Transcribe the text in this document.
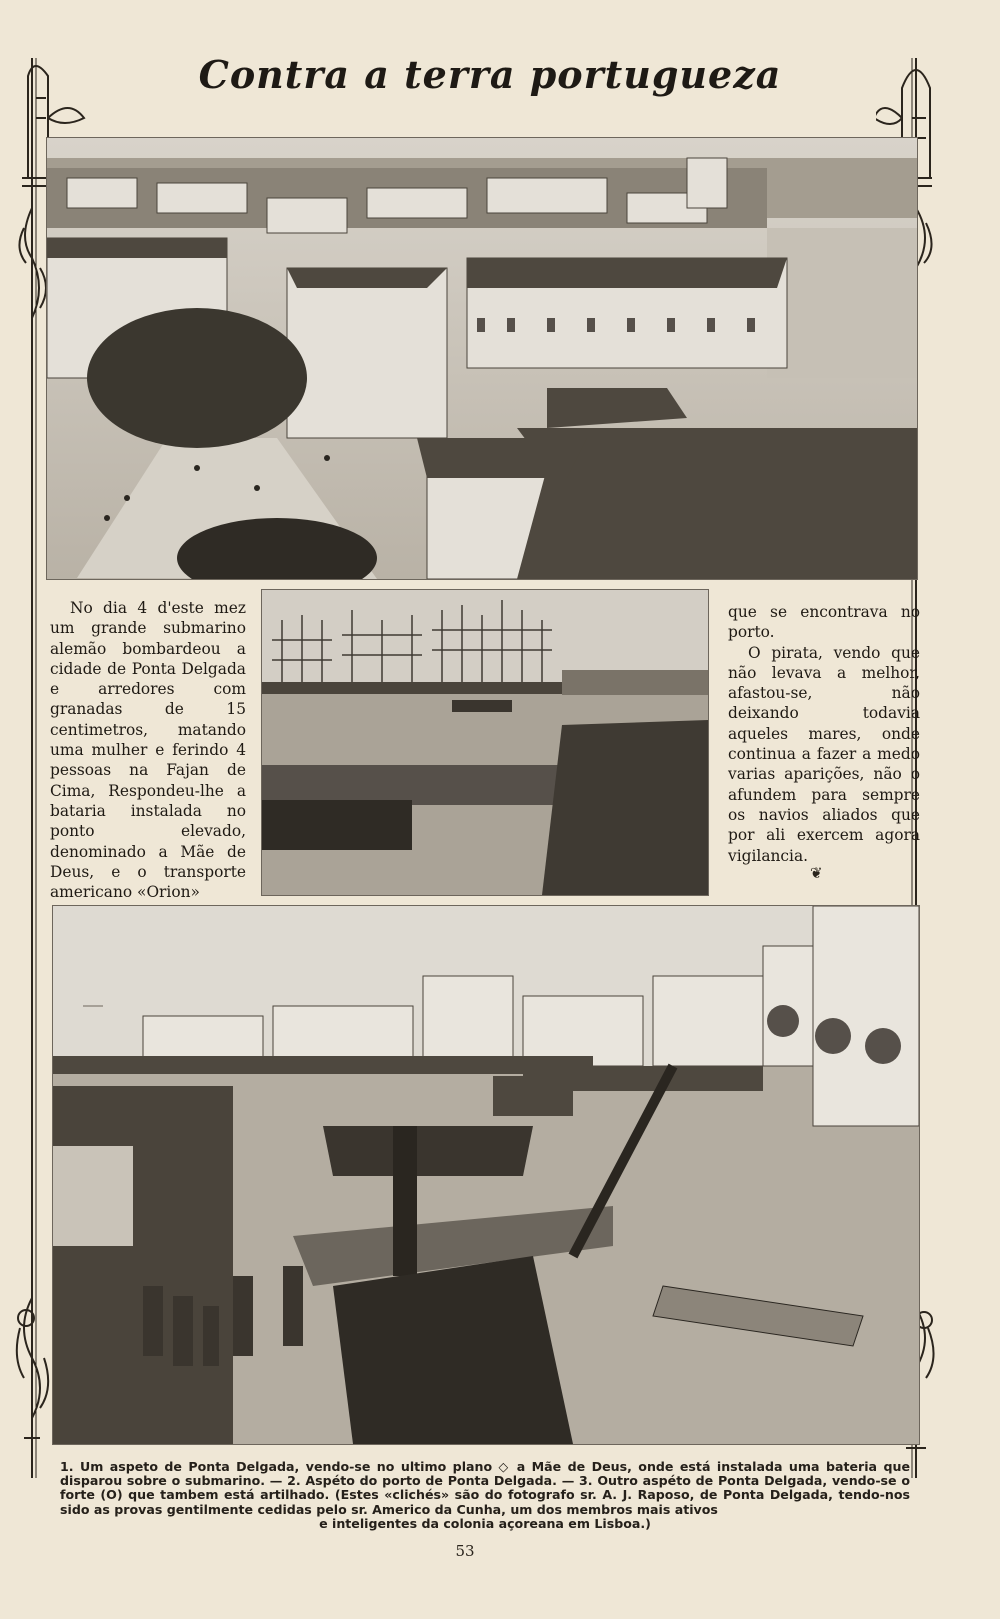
Contra a terra portugueza

No dia 4 d'este mez um grande submarino alemão bombardeou a cidade de Ponta Delgada e arredores com granadas de 15 centimetros, matando uma mulher e ferindo 4 pessoas na Fajan de Cima, Respondeu-lhe a bataria instalada no ponto elevado, denominado a Mãe de Deus, e o transporte americano «Orion»

que se encontrava no porto.

O pirata, vendo que não levava a melhor, afastou-se, não deixando todavia aqueles mares, onde continua a fazer a medo varias aparições, não o afundem para sempre os navios aliados que por ali exercem agora vigilancia.

❦
1. Um aspeto de Ponta Delgada, vendo-se no ultimo plano ◇ a Mãe de Deus, onde está instalada uma bateria que disparou sobre o submarino. — 2. Aspéto do porto de Ponta Delgada. — 3. Outro aspéto de Ponta Delgada, vendo-se o forte (O) que tambem está artilhado. (Estes «clichés» são do fotografo sr. A. J. Raposo, de Ponta Delgada, tendo-nos sido as provas gentilmente cedidas pelo sr. Americo da Cunha, um dos membros mais ativos
e inteligentes da colonia açoreana em Lisboa.)
53
